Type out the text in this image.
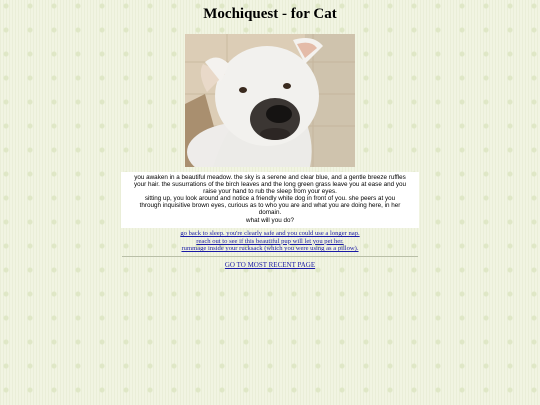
Mochiquest - for Cat
you awaken in a beautiful meadow. the sky is a serene and clear blue, and a gentle breeze ruffles
your hair. the susurrations of the birch leaves and the long green grass leave you at ease and you
raise your hand to rub the sleep from your eyes.
sitting up, you look around and notice a friendly white dog in front of you. she peers at you
through inquisitive brown eyes, curious as to who you are and what you are doing here, in her
domain.
what will you do?
go back to sleep. you're clearly safe and you could use a longer nap.
reach out to see if this beautiful pup will let you pet her.
rummage inside your rucksack (which you were using as a pillow).
GO TO MOST RECENT PAGE
